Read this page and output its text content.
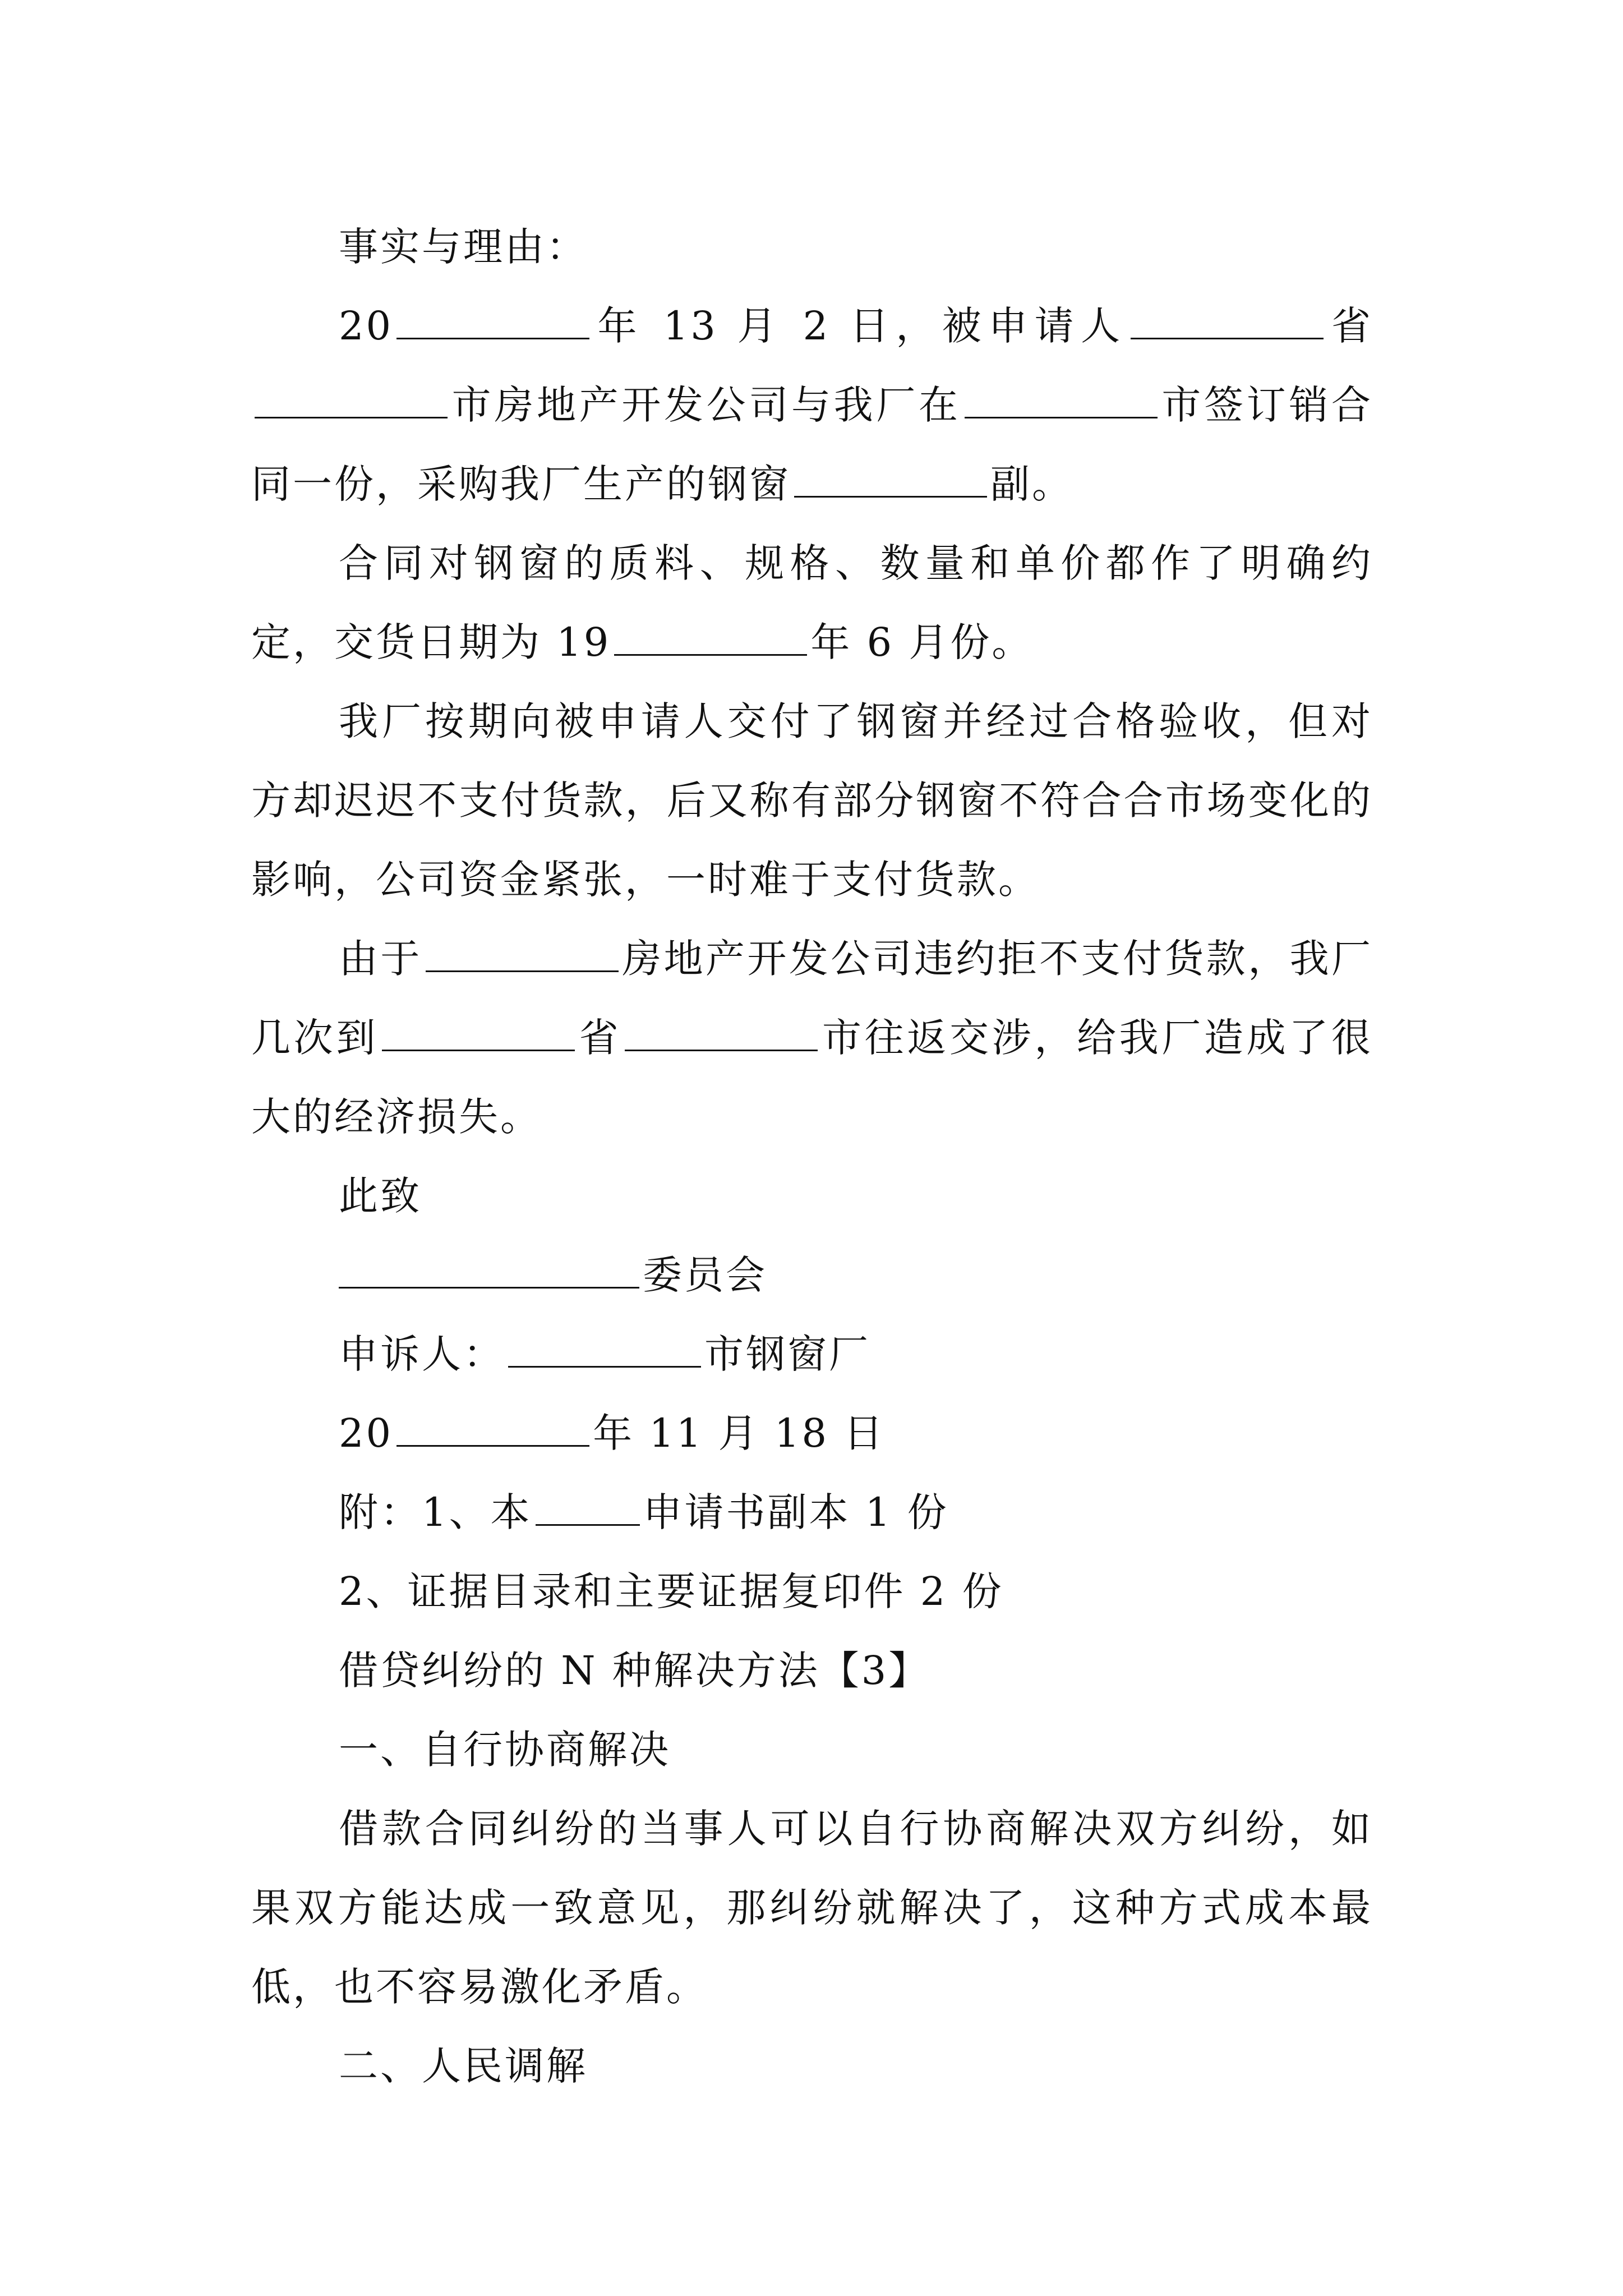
事实与理由：

20	年 13 月 2 日，被申请人	省市房地产开发公司与我厂在	市签订销合同一份，采购我厂生产的钢窗	副。

合同对钢窗的质料、规格、数量和单价都作了明确约定，交货日期为 19	年 6 月份。

我厂按期向被申请人交付了钢窗并经过合格验收，但对方却迟迟不支付货款，后又称有部分钢窗不符合合市场变化的影响，公司资金紧张，一时难于支付货款。

由于	房地产开发公司违约拒不支付货款，我厂几次到	省	市往返交涉，给我厂造成了很大的经济损失。

此致

委员会

申诉人：	市钢窗厂

20	年 11 月 18 日

附：1、本	申请书副本 1 份

2、证据目录和主要证据复印件 2 份

借贷纠纷的 N 种解决方法【3】

一、自行协商解决

借款合同纠纷的当事人可以自行协商解决双方纠纷，如果双方能达成一致意见，那纠纷就解决了，这种方式成本最低，也不容易激化矛盾。

二、人民调解
